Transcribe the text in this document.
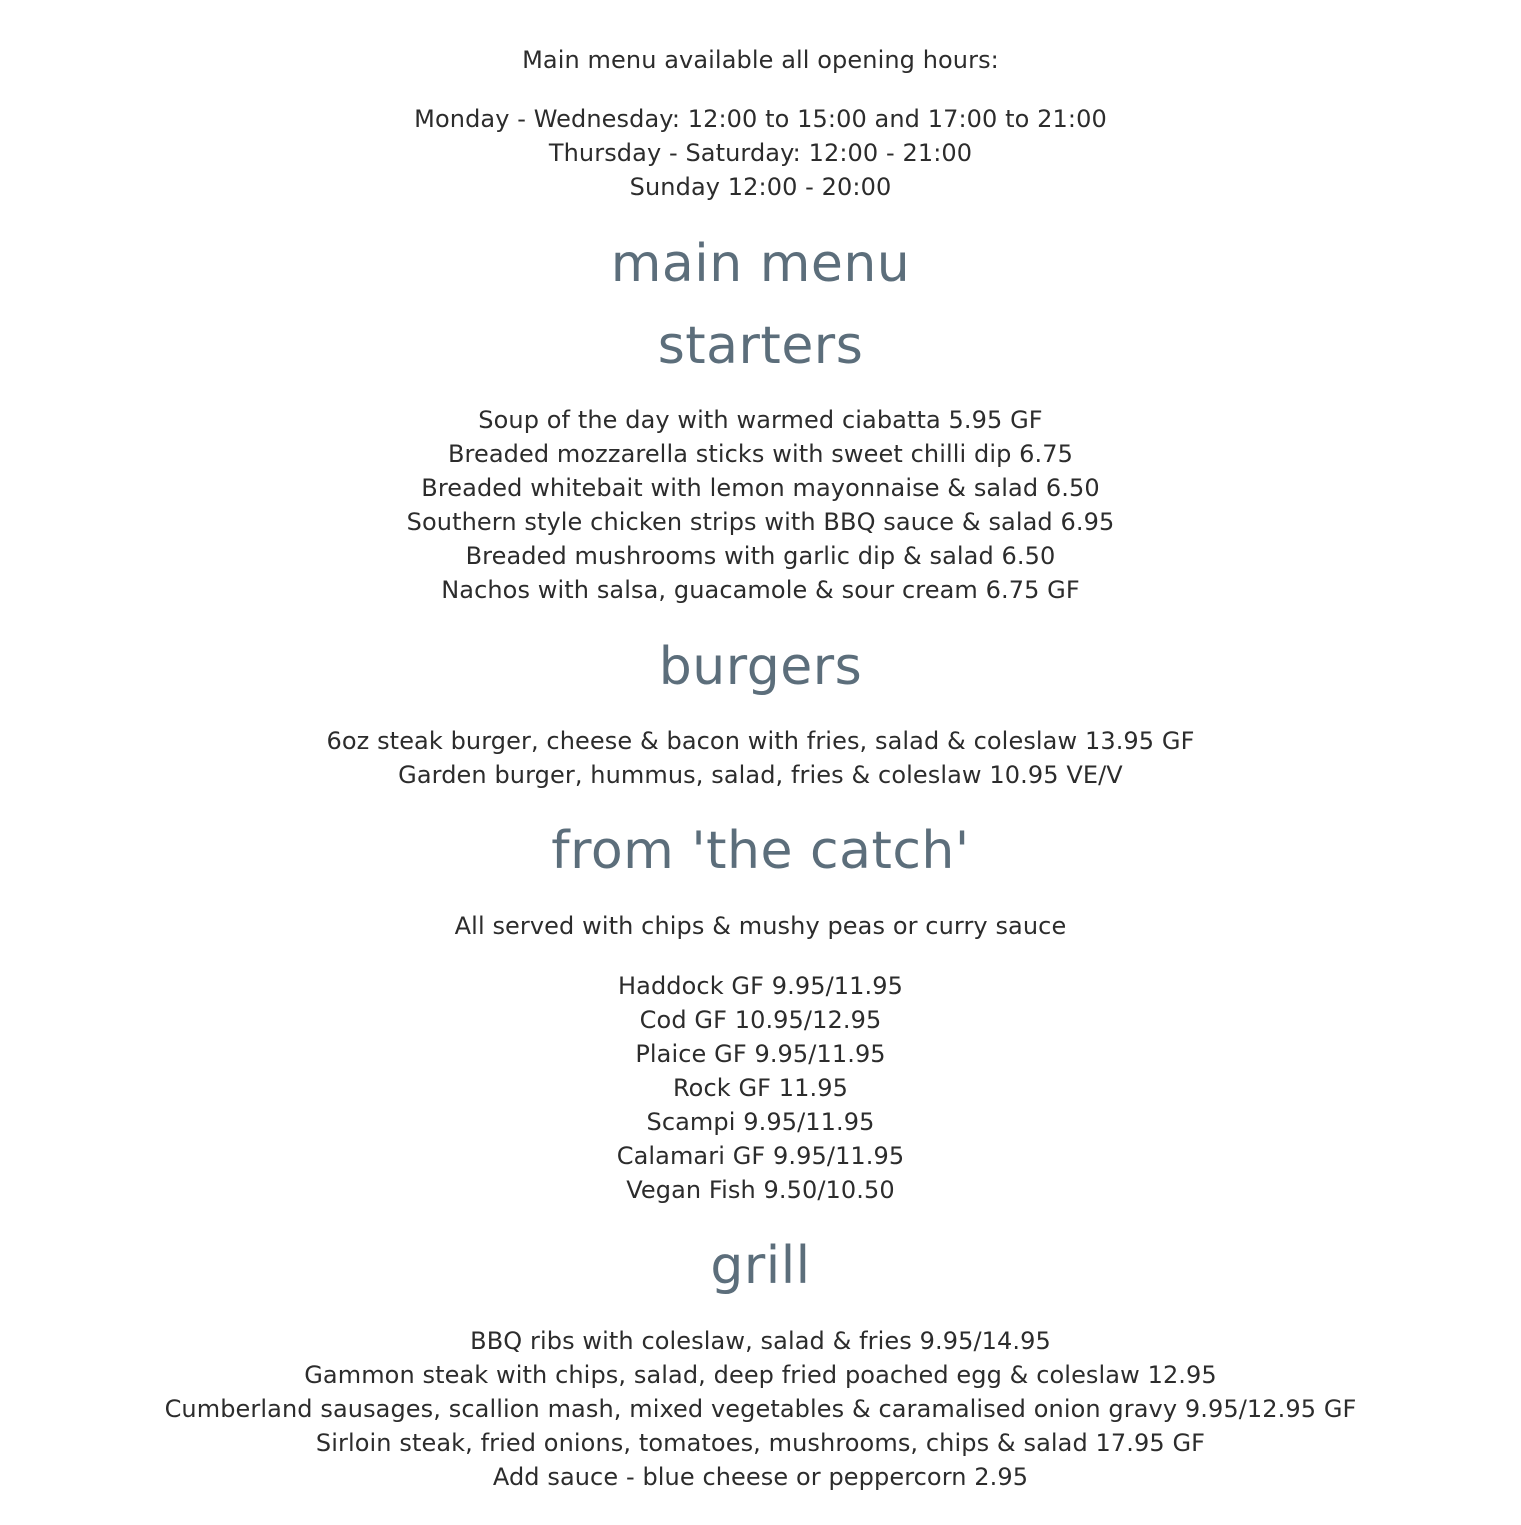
Main menu available all opening hours:
Monday - Wednesday: 12:00 to 15:00 and 17:00 to 21:00
Thursday - Saturday: 12:00 - 21:00
Sunday 12:00 - 20:00
main menu
starters
Soup of the day with warmed ciabatta 5.95 GF
Breaded mozzarella sticks with sweet chilli dip 6.75
Breaded whitebait with lemon mayonnaise & salad 6.50
Southern style chicken strips with BBQ sauce & salad 6.95
Breaded mushrooms with garlic dip & salad 6.50
Nachos with salsa, guacamole & sour cream 6.75 GF
burgers
6oz steak burger, cheese & bacon with fries, salad & coleslaw 13.95 GF
Garden burger, hummus, salad, fries & coleslaw 10.95 VE/V
from 'the catch'
All served with chips & mushy peas or curry sauce
Haddock GF 9.95/11.95
Cod GF 10.95/12.95
Plaice GF 9.95/11.95
Rock GF 11.95
Scampi 9.95/11.95
Calamari GF 9.95/11.95
Vegan Fish 9.50/10.50
grill
BBQ ribs with coleslaw, salad & fries 9.95/14.95
Gammon steak with chips, salad, deep fried poached egg & coleslaw 12.95
Cumberland sausages, scallion mash, mixed vegetables & caramalised onion gravy 9.95/12.95 GF
Sirloin steak, fried onions, tomatoes, mushrooms, chips & salad 17.95 GF
Add sauce - blue cheese or peppercorn 2.95
